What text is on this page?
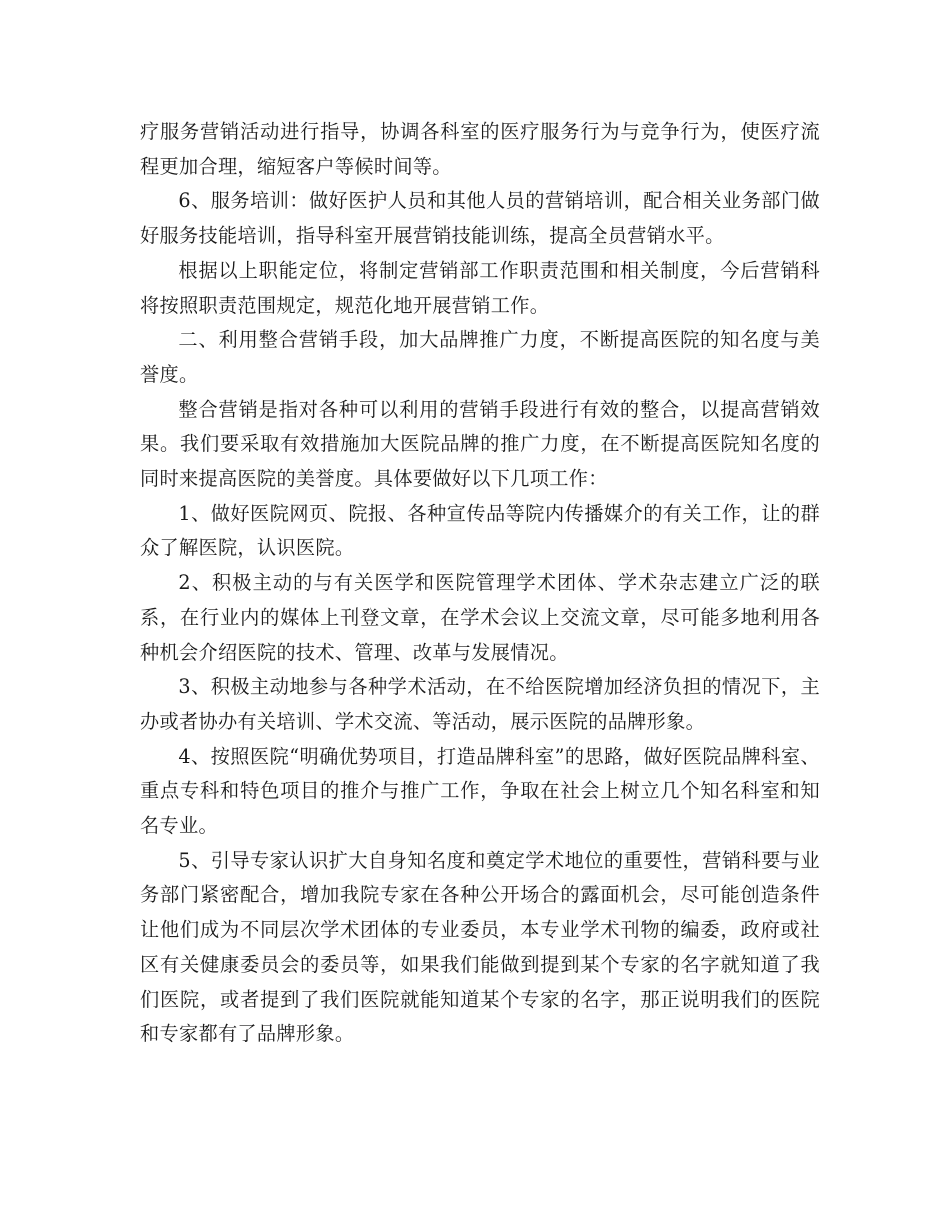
疗服务营销活动进行指导，协调各科室的医疗服务行为与竞争行为，使医疗流程更加合理，缩短客户等候时间等。

6、服务培训：做好医护人员和其他人员的营销培训，配合相关业务部门做好服务技能培训，指导科室开展营销技能训练，提高全员营销水平。

根据以上职能定位，将制定营销部工作职责范围和相关制度，今后营销科将按照职责范围规定，规范化地开展营销工作。

二、利用整合营销手段，加大品牌推广力度，不断提高医院的知名度与美誉度。

整合营销是指对各种可以利用的营销手段进行有效的整合，以提高营销效果。我们要采取有效措施加大医院品牌的推广力度，在不断提高医院知名度的同时来提高医院的美誉度。具体要做好以下几项工作：

1、做好医院网页、院报、各种宣传品等院内传播媒介的有关工作，让的群众了解医院，认识医院。

2、积极主动的与有关医学和医院管理学术团体、学术杂志建立广泛的联系，在行业内的媒体上刊登文章，在学术会议上交流文章，尽可能多地利用各种机会介绍医院的技术、管理、改革与发展情况。

3、积极主动地参与各种学术活动，在不给医院增加经济负担的情况下，主办或者协办有关培训、学术交流、等活动，展示医院的品牌形象。

4、按照医院“明确优势项目，打造品牌科室”的思路，做好医院品牌科室、重点专科和特色项目的推介与推广工作，争取在社会上树立几个知名科室和知名专业。

5、引导专家认识扩大自身知名度和奠定学术地位的重要性，营销科要与业务部门紧密配合，增加我院专家在各种公开场合的露面机会，尽可能创造条件让他们成为不同层次学术团体的专业委员，本专业学术刊物的编委，政府或社区有关健康委员会的委员等，如果我们能做到提到某个专家的名字就知道了我们医院，或者提到了我们医院就能知道某个专家的名字，那正说明我们的医院和专家都有了品牌形象。
